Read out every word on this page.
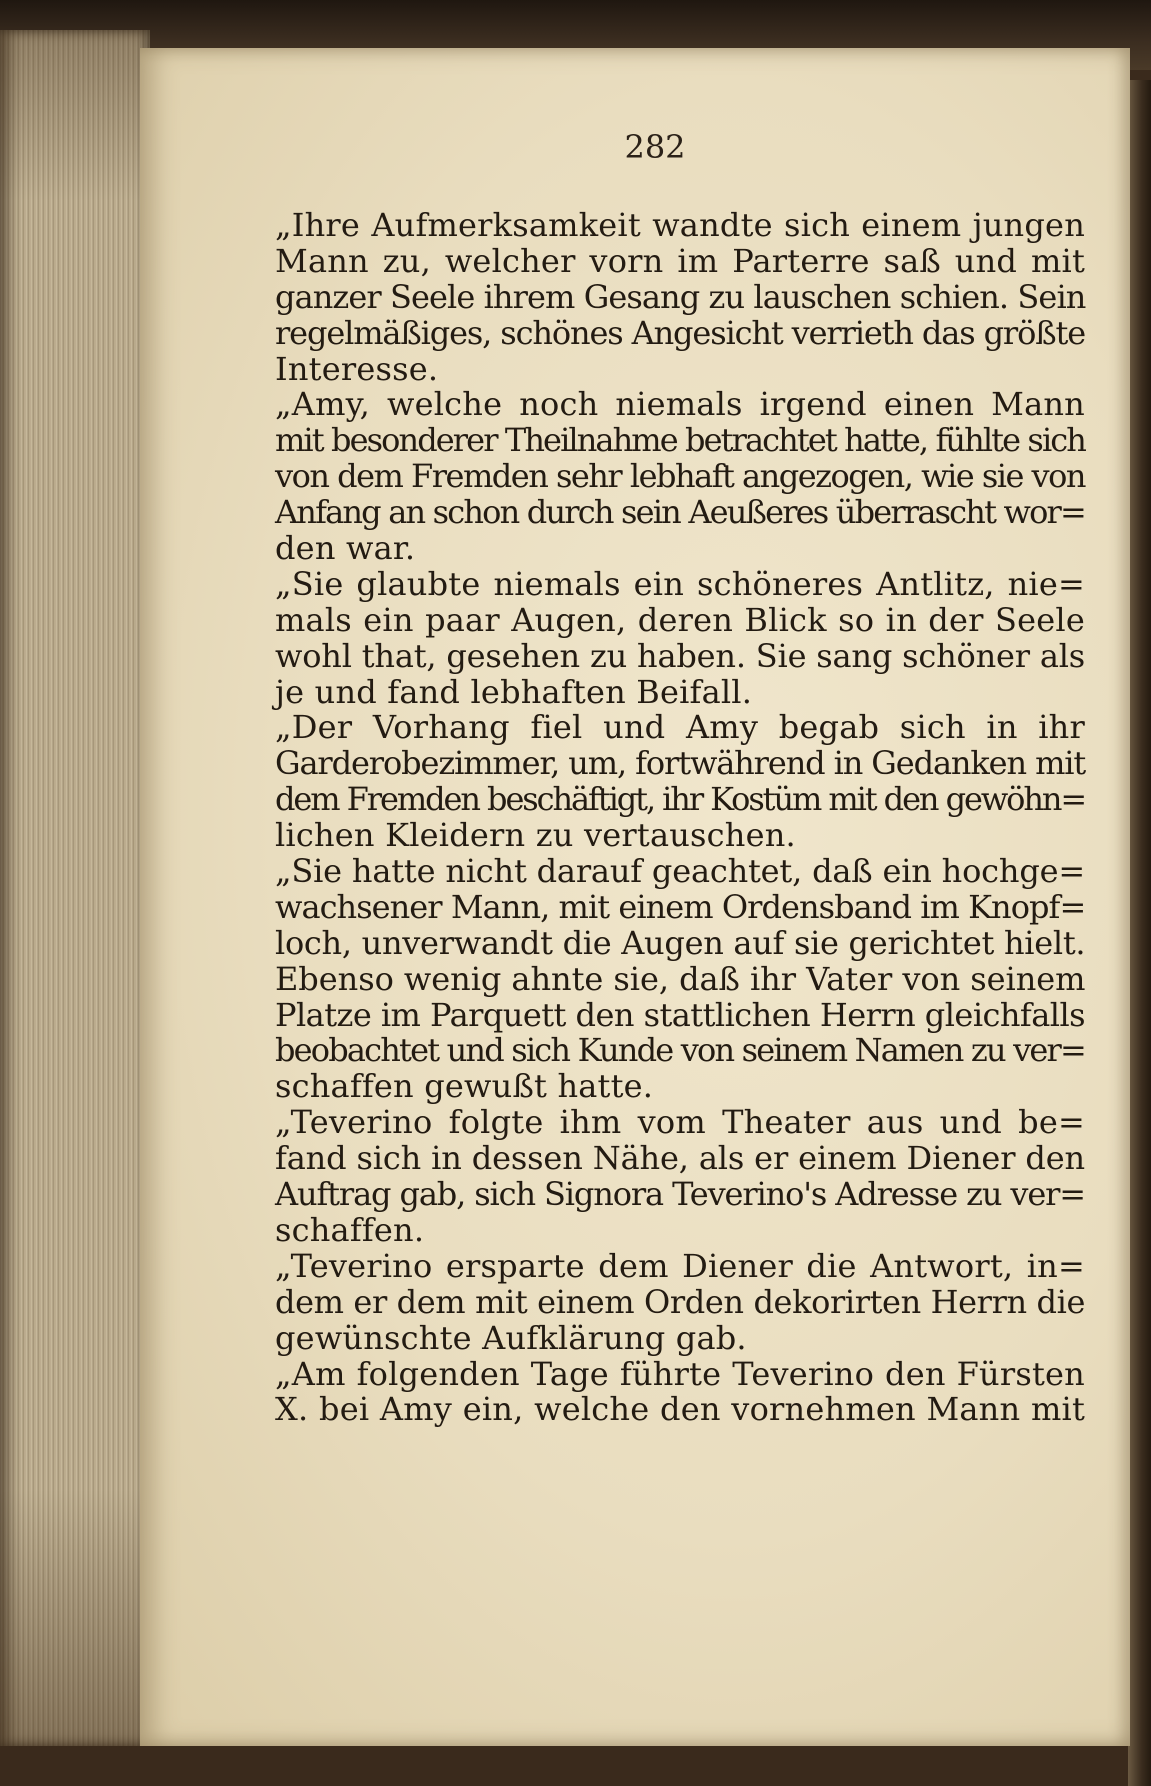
282
„Ihre Aufmerksamkeit wandte sich einem jungen
Mann zu, welcher vorn im Parterre saß und mit
ganzer Seele ihrem Gesang zu lauschen schien. Sein
regelmäßiges, schönes Angesicht verrieth das größte
Interesse.
„Amy, welche noch niemals irgend einen Mann
mit besonderer Theilnahme betrachtet hatte, fühlte sich
von dem Fremden sehr lebhaft angezogen, wie sie von
Anfang an schon durch sein Aeußeres überrascht wor=
den war.
„Sie glaubte niemals ein schöneres Antlitz, nie=
mals ein paar Augen, deren Blick so in der Seele
wohl that, gesehen zu haben. Sie sang schöner als
je und fand lebhaften Beifall.
„Der Vorhang fiel und Amy begab sich in ihr
Garderobezimmer, um, fortwährend in Gedanken mit
dem Fremden beschäftigt, ihr Kostüm mit den gewöhn=
lichen Kleidern zu vertauschen.
„Sie hatte nicht darauf geachtet, daß ein hochge=
wachsener Mann, mit einem Ordensband im Knopf=
loch, unverwandt die Augen auf sie gerichtet hielt.
Ebenso wenig ahnte sie, daß ihr Vater von seinem
Platze im Parquett den stattlichen Herrn gleichfalls
beobachtet und sich Kunde von seinem Namen zu ver=
schaffen gewußt hatte.
„Teverino folgte ihm vom Theater aus und be=
fand sich in dessen Nähe, als er einem Diener den
Auftrag gab, sich Signora Teverino's Adresse zu ver=
schaffen.
„Teverino ersparte dem Diener die Antwort, in=
dem er dem mit einem Orden dekorirten Herrn die
gewünschte Aufklärung gab.
„Am folgenden Tage führte Teverino den Fürsten
X. bei Amy ein, welche den vornehmen Mann mit
